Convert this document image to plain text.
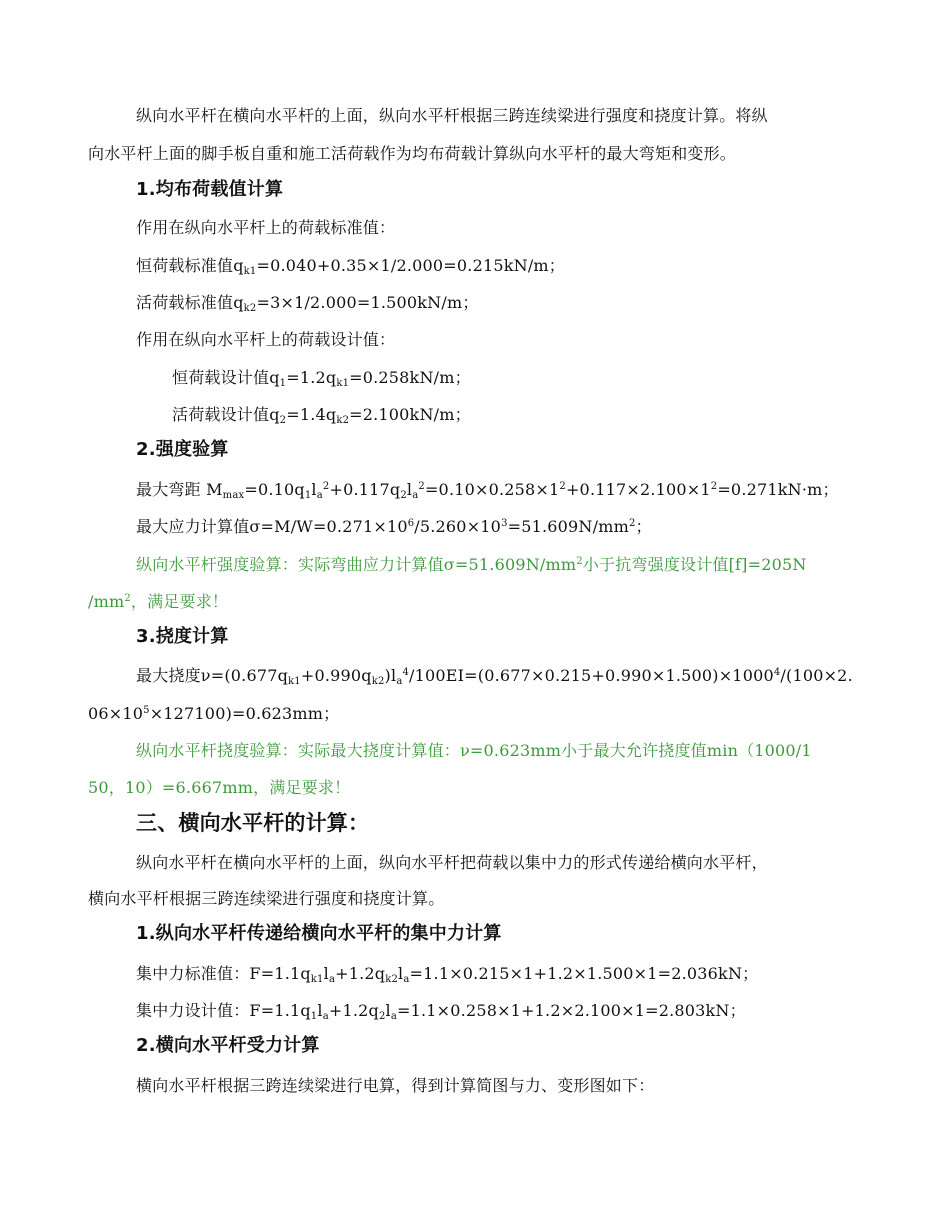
纵向水平杆在横向水平杆的上面，纵向水平杆根据三跨连续梁进行强度和挠度计算。将纵
向水平杆上面的脚手板自重和施工活荷载作为均布荷载计算纵向水平杆的最大弯矩和变形。
1.均布荷载值计算
作用在纵向水平杆上的荷载标准值：
恒荷载标准值$q_{k1}=0.040+0.35\times 1/2.000=0.215kN/m$；
活荷载标准值$q_{k2}=3\times 1/2.000=1.500kN/m$；
作用在纵向水平杆上的荷载设计值：
恒荷载设计值$q_1=1.2q_{k1}=0.258kN/m$；
活荷载设计值$q_2=1.4q_{k2}=2.100kN/m$；
2.强度验算
最大弯距 $M_{max}=0.10q_1l_a^2+0.117q_2l_a^2=0.10\times 0.258\times 1^2+0.117\times 2.100\times 1^2=0.271kN\cdot m$；
最大应力计算值$\sigma=M/W=0.271\times 10^6/5.260\times 10^3=51.609N/mm^2$；
纵向水平杆强度验算：实际弯曲应力计算值$\sigma=51.609N/mm^2$小于抗弯强度设计值[f]=205N
$/mm^2$，满足要求！
3.挠度计算
最大挠度$\nu=(0.677q_{k1}+0.990q_{k2})l_a^4/100EI=(0.677\times 0.215+0.990\times 1.500)\times 1000^4/(100\times 2$.
$06\times 10^5\times 127100)=0.623mm$；
纵向水平杆挠度验算：实际最大挠度计算值：ν=0.623mm小于最大允许挠度值min（1000/1
50，10）=6.667mm，满足要求！
三、横向水平杆的计算：
纵向水平杆在横向水平杆的上面，纵向水平杆把荷载以集中力的形式传递给横向水平杆，
横向水平杆根据三跨连续梁进行强度和挠度计算。
1.纵向水平杆传递给横向水平杆的集中力计算
集中力标准值：$F=1.1q_{k1}l_a+1.2q_{k2}l_a=1.1\times 0.215\times 1+1.2\times 1.500\times 1=2.036kN$；
集中力设计值：$F=1.1q_1l_a+1.2q_2l_a=1.1\times 0.258\times 1+1.2\times 2.100\times 1=2.803kN$；
2.横向水平杆受力计算
横向水平杆根据三跨连续梁进行电算，得到计算简图与力、变形图如下：
